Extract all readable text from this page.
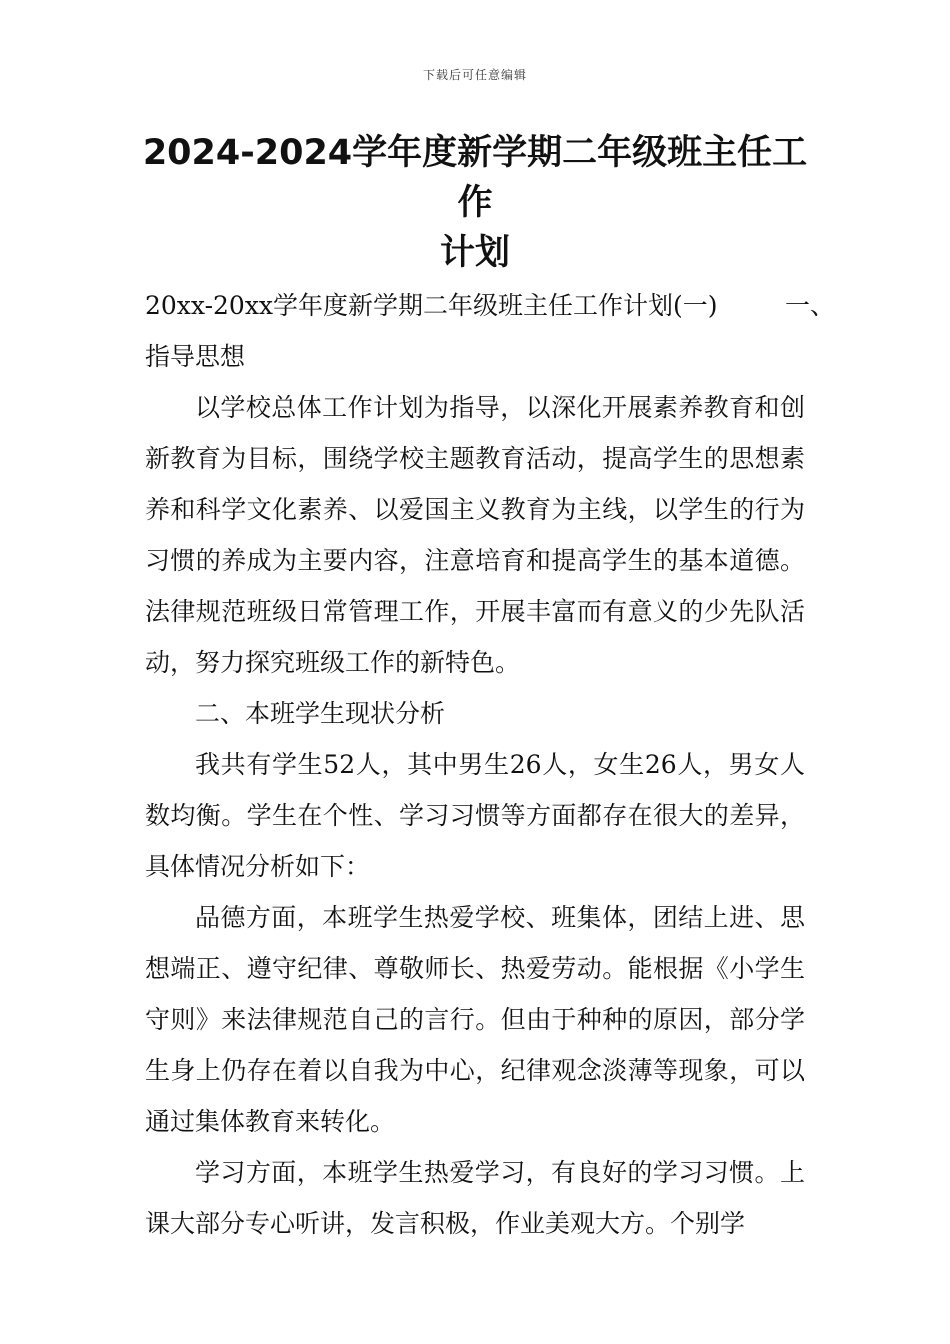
下载后可任意编辑
2024-2024学年度新学期二年级班主任工作
计划

20xx-20xx学年度新学期二年级班主任工作计划(一)	一、

指导思想

以学校总体工作计划为指导，以深化开展素养教育和创新教育为目标，围绕学校主题教育活动，提高学生的思想素养和科学文化素养、以爱国主义教育为主线，以学生的行为习惯的养成为主要内容，注意培育和提高学生的基本道德。法律规范班级日常管理工作，开展丰富而有意义的少先队活动，努力探究班级工作的新特色。

二、本班学生现状分析

我共有学生52人，其中男生26人，女生26人，男女人数均衡。学生在个性、学习习惯等方面都存在很大的差异，具体情况分析如下：

品德方面，本班学生热爱学校、班集体，团结上进、思想端正、遵守纪律、尊敬师长、热爱劳动。能根据《小学生守则》来法律规范自己的言行。但由于种种的原因，部分学生身上仍存在着以自我为中心，纪律观念淡薄等现象，可以通过集体教育来转化。

学习方面，本班学生热爱学习，有良好的学习习惯。上课大部分专心听讲，发言积极，作业美观大方。个别学
